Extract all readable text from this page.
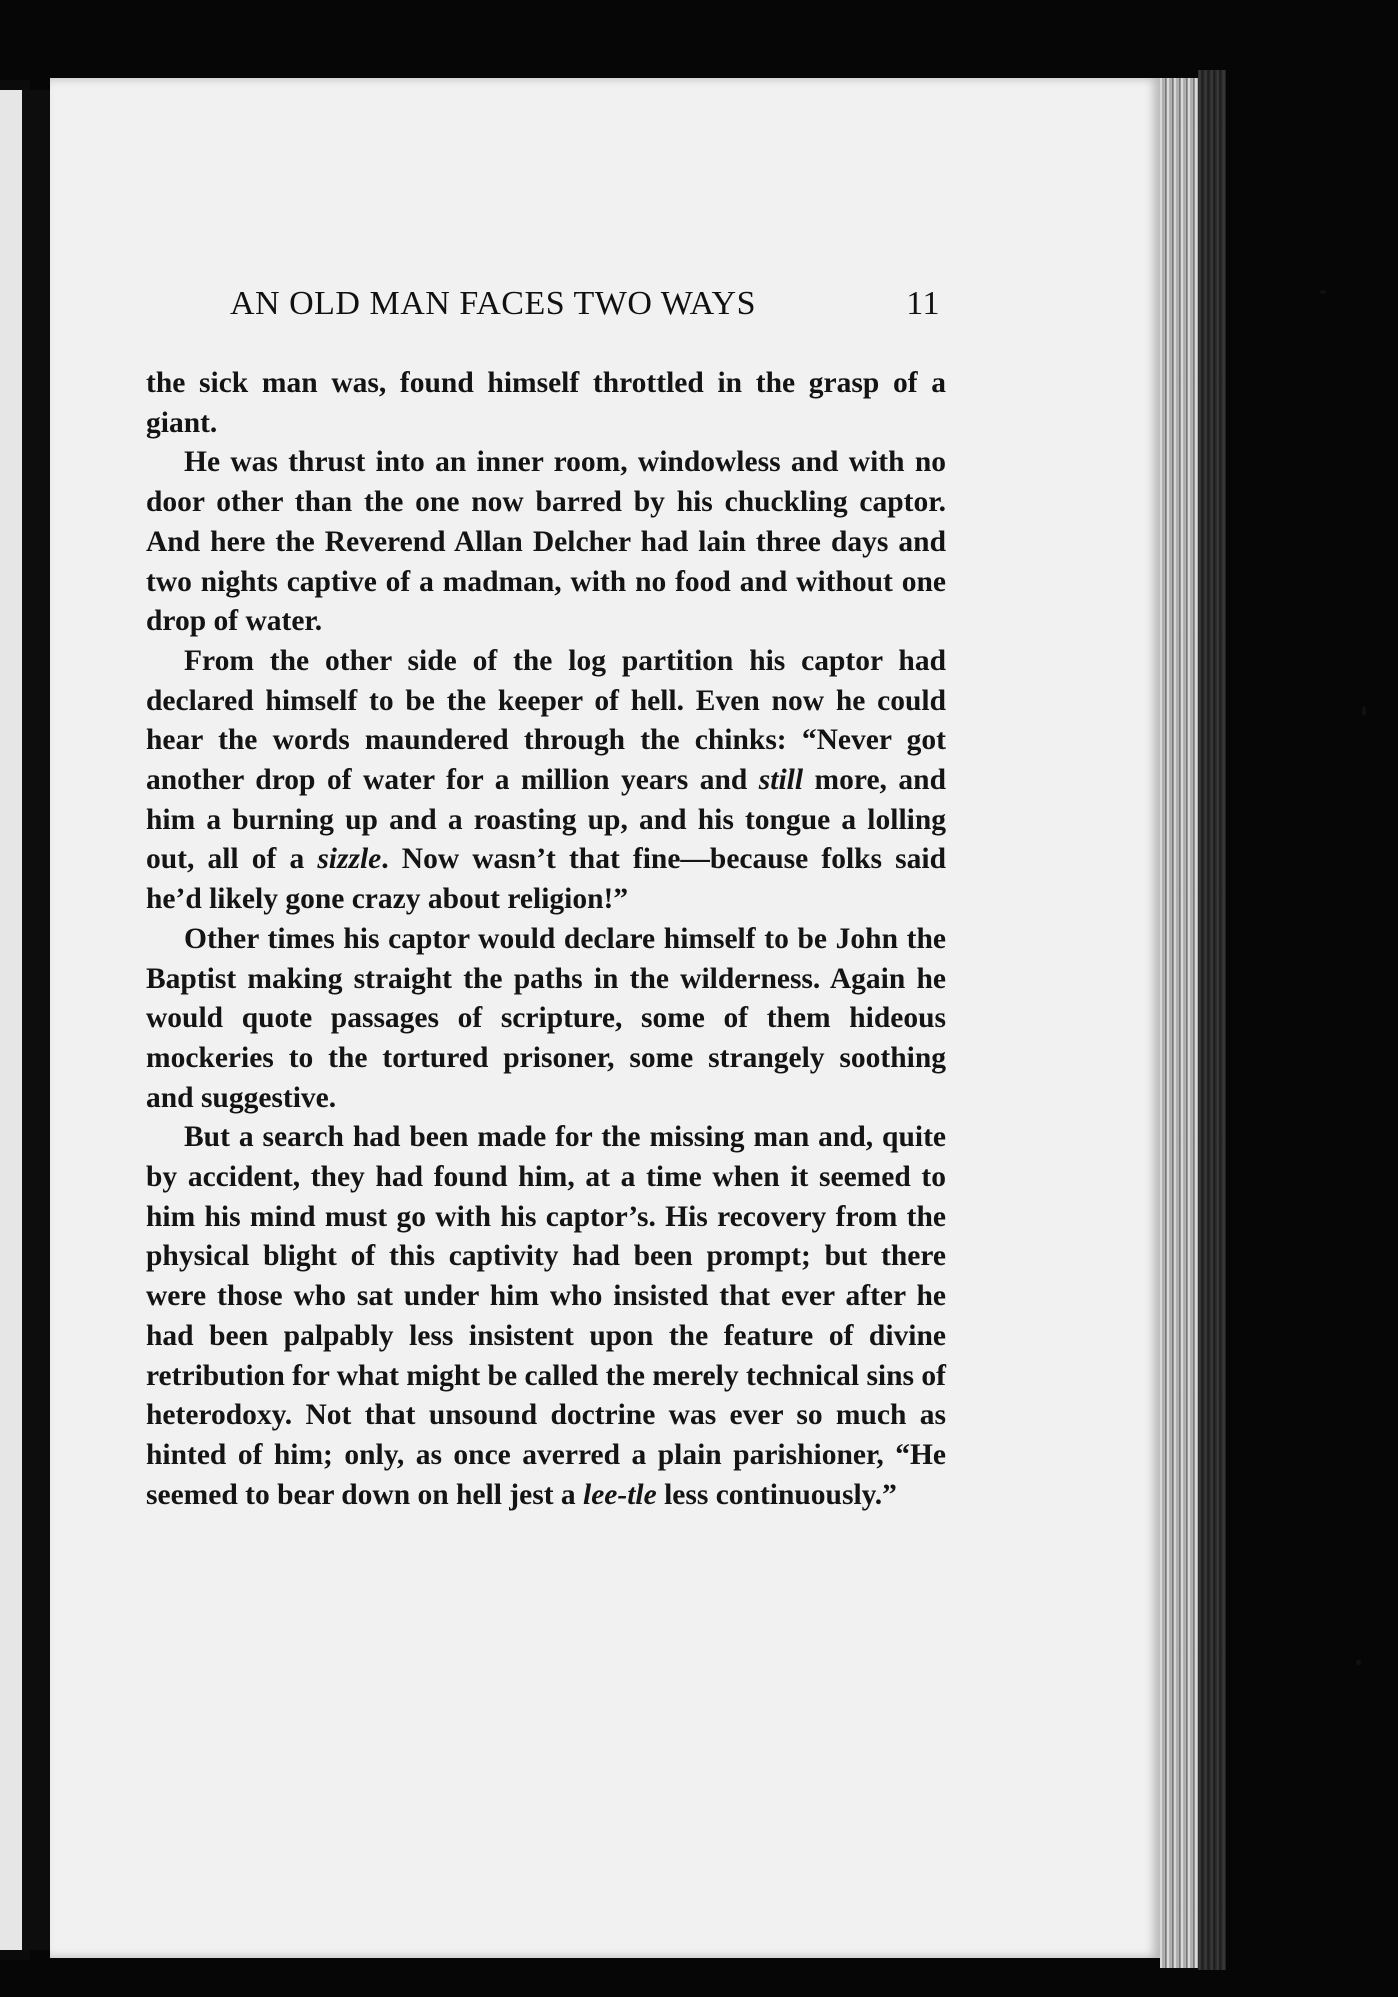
AN OLD MAN FACES TWO WAYS	11

the sick man was, found himself throttled in the grasp of a giant.

He was thrust into an inner room, windowless and with no door other than the one now barred by his chuckling captor. And here the Reverend Allan Delcher had lain three days and two nights captive of a madman, with no food and without one drop of water.

From the other side of the log partition his captor had declared himself to be the keeper of hell. Even now he could hear the words maundered through the chinks: “Never got another drop of water for a million years and still more, and him a burning up and a roasting up, and his tongue a lolling out, all of a sizzle. Now wasn’t that fine—because folks said he’d likely gone crazy about religion!”

Other times his captor would declare himself to be John the Baptist making straight the paths in the wilderness. Again he would quote passages of scripture, some of them hideous mockeries to the tortured prisoner, some strangely soothing and suggestive.

But a search had been made for the missing man and, quite by accident, they had found him, at a time when it seemed to him his mind must go with his captor’s. His recovery from the physical blight of this captivity had been prompt; but there were those who sat under him who insisted that ever after he had been palpably less insistent upon the feature of divine retribution for what might be called the merely technical sins of heterodoxy. Not that unsound doctrine was ever so much as hinted of him; only, as once averred a plain parishioner, “He seemed to bear down on hell jest a lee-tle less continuously.”
